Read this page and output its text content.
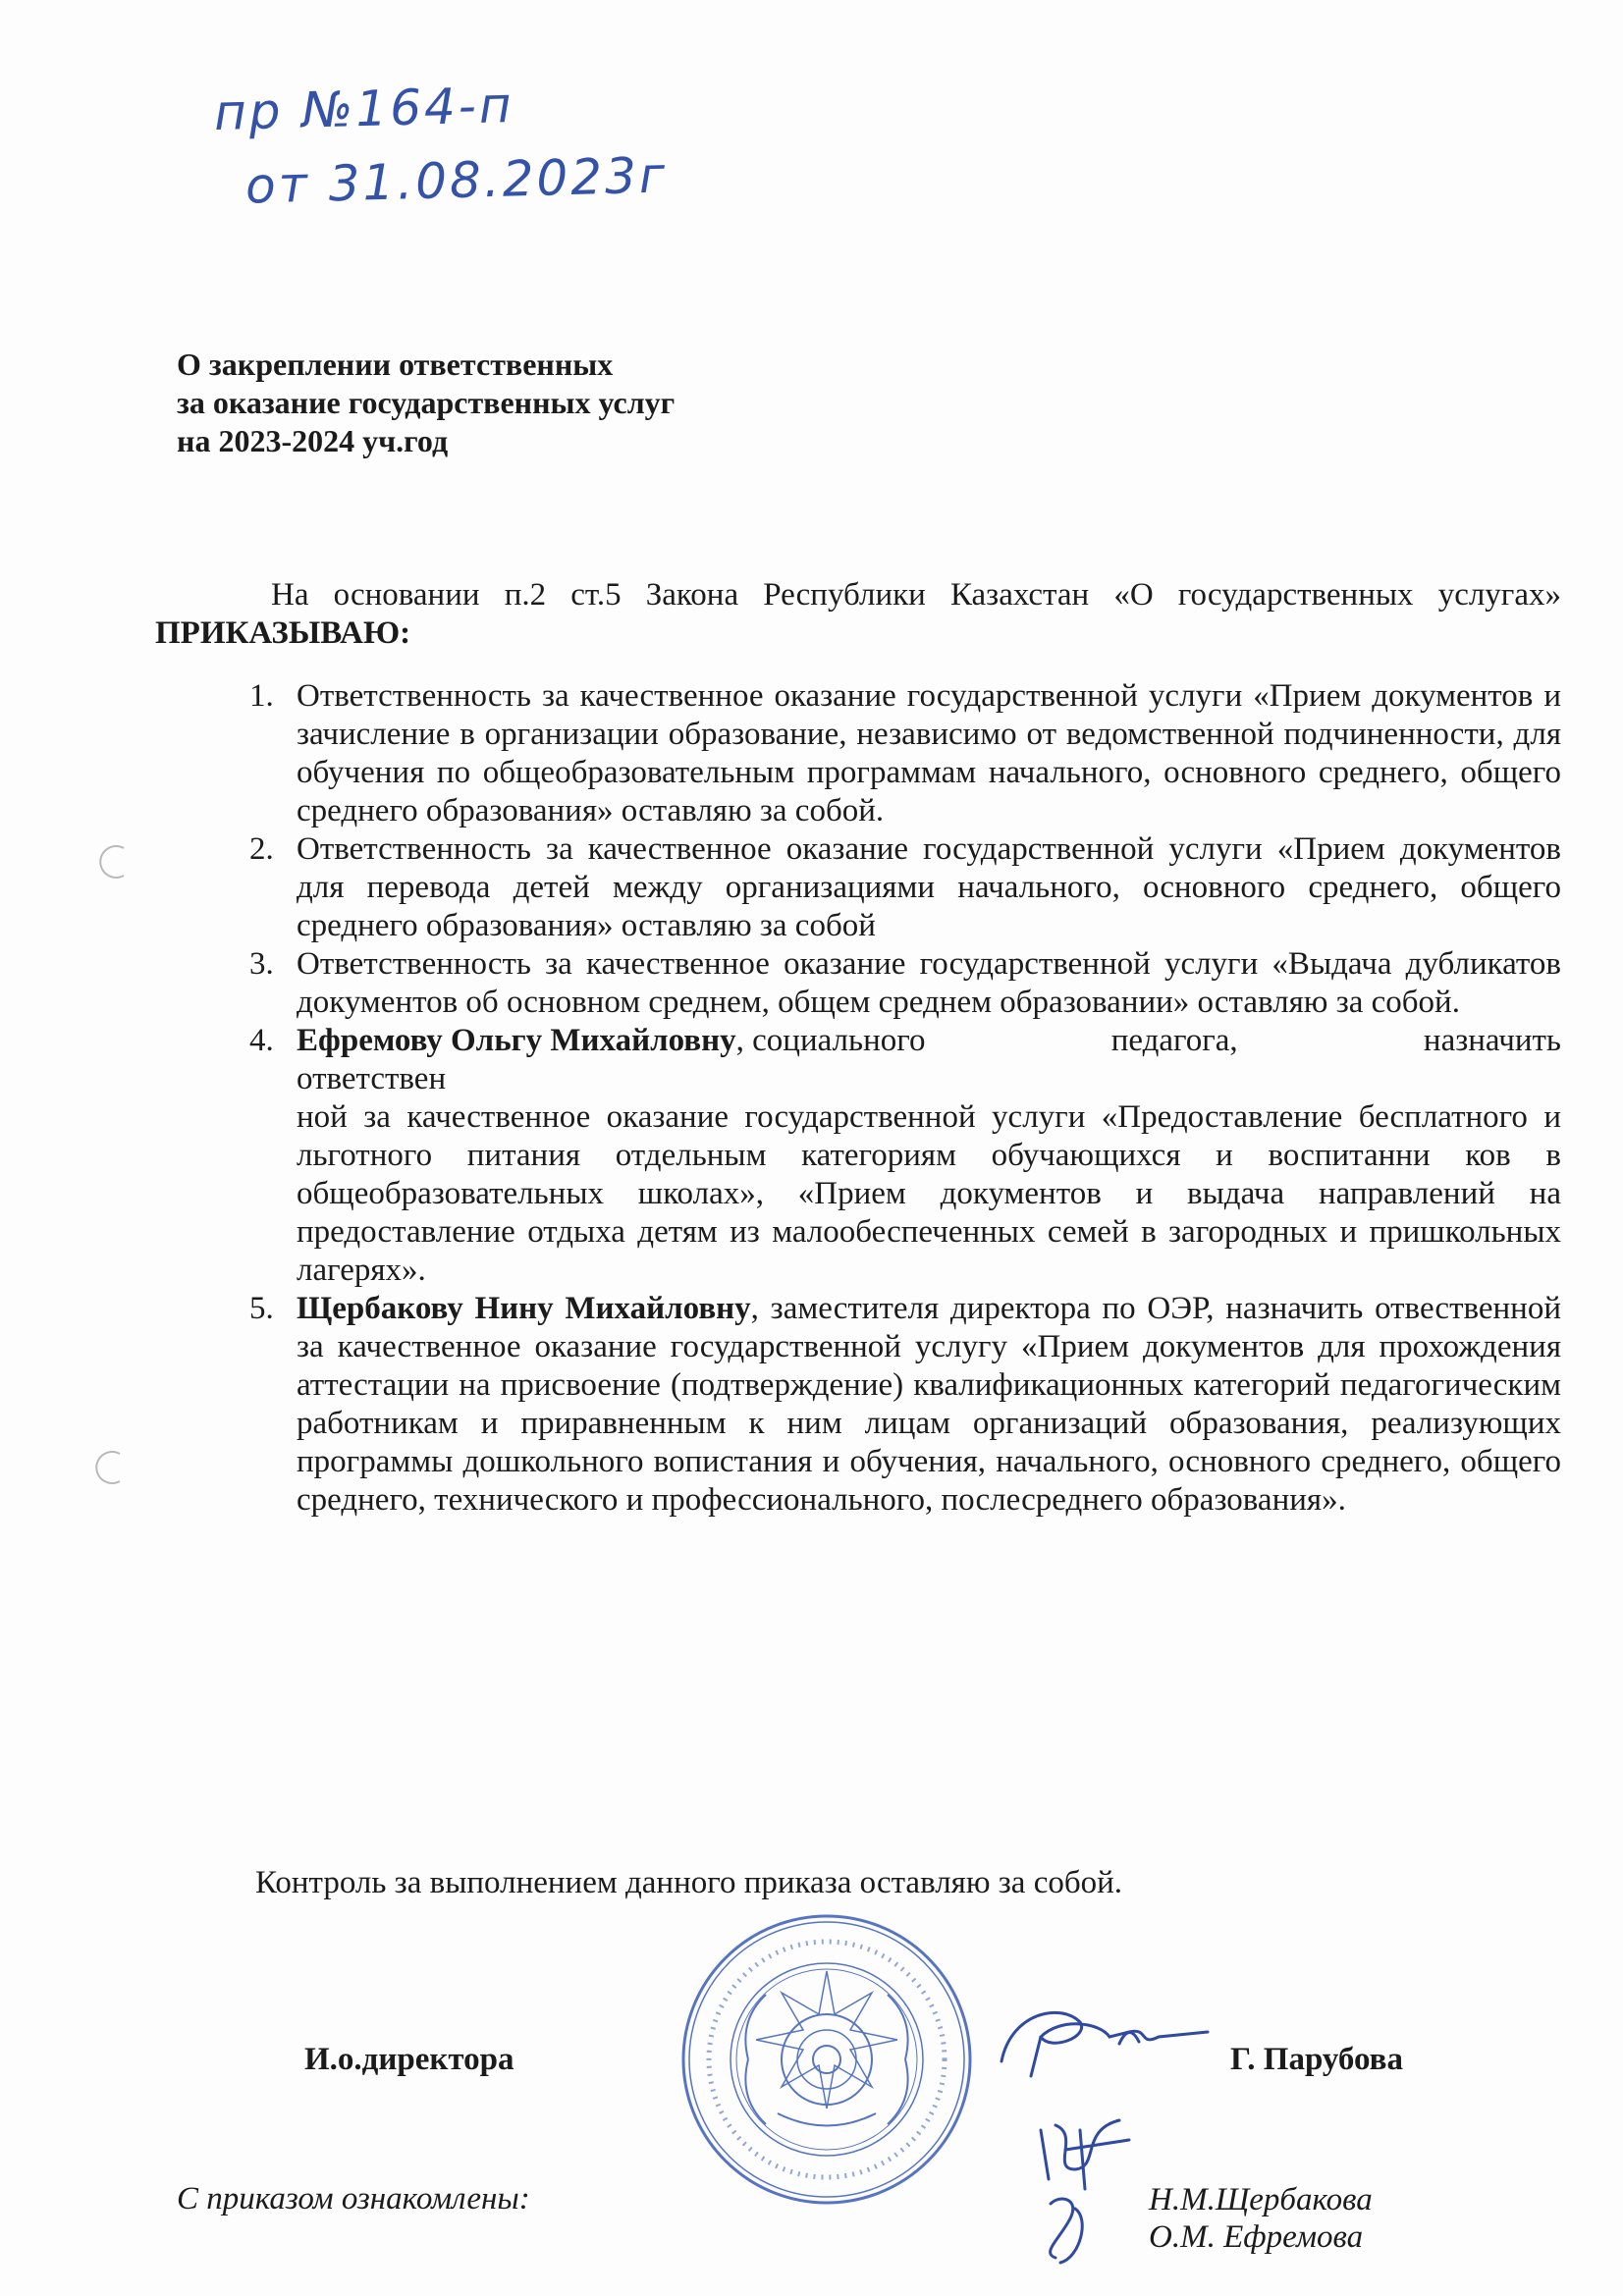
пр №164-п
от 31.08.2023г
О закреплении ответственных
за оказание государственных услуг
на 2023-2024 уч.год
На основании п.2 ст.5 Закона Республики Казахстан «О государственных услугах» ПРИКАЗЫВАЮ:
1. Ответственность за качественное оказание государственной услуги «Прием документов и зачисление в организации образование, независимо от ведомственной подчиненности, для обучения по общеобразовательным программам начального, основного среднего, общего среднего образования» оставляю за собой.
2. Ответственность за качественное оказание государственной услуги «Прием документов для перевода детей между организациями начального, основного среднего, общего среднего образования» оставляю за собой
3. Ответственность за качественное оказание государственной услуги «Выдача дубликатов документов об основном среднем, общем среднем образовании» оставляю за собой.
4. Ефремову Ольгу Михайловну, социального	педагога,	назначить
ответствен
ной за качественное оказание государственной услуги «Предоставление бесплатного и льготного питания отдельным категориям обучающихся и воспитанни ков в общеобразовательных школах», «Прием документов и выдача направлений на предоставление отдыха детям из малообеспеченных семей в загородных и пришкольных лагерях».
5. Щербакову Нину Михайловну, заместителя директора по ОЭР, назначить отвественной за качественное оказание государственной услугу «Прием документов для прохождения аттестации на присвоение (подтверждение) квалификационных категорий педагогическим работникам и приравненным к ним лицам организаций образования, реализующих программы дошкольного вопистания и обучения, начального, основного среднего, общего среднего, технического и профессионального, послесреднего образования».
Контроль за выполнением данного приказа оставляю за собой.
И.о.директора	Г. Парубова
С приказом ознакомлены:	Н.М.Щербакова
О.М. Ефремова
